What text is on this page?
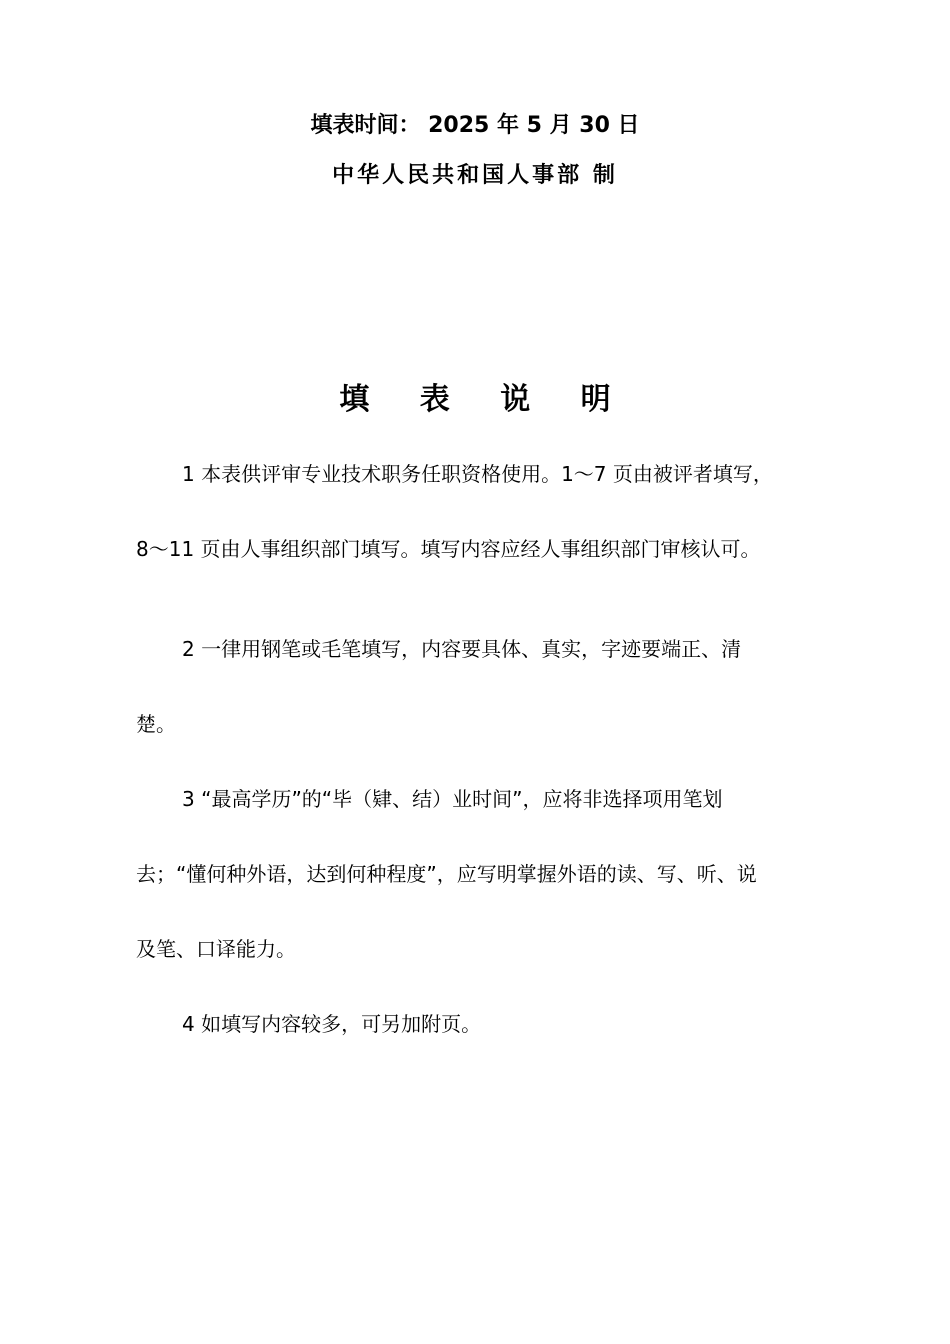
填表时间： 2025 年 5 月 30 日
中华人民共和国人事部 制
填 表 说 明
1 本表供评审专业技术职务任职资格使用。1～7 页由被评者填写，
8～11 页由人事组织部门填写。填写内容应经人事组织部门审核认可。
2 一律用钢笔或毛笔填写，内容要具体、真实，字迹要端正、清
楚。
3 “最高学历”的“毕（肄、结）业时间”，应将非选择项用笔划
去；“懂何种外语，达到何种程度”，应写明掌握外语的读、写、听、说
及笔、口译能力。
4 如填写内容较多，可另加附页。
